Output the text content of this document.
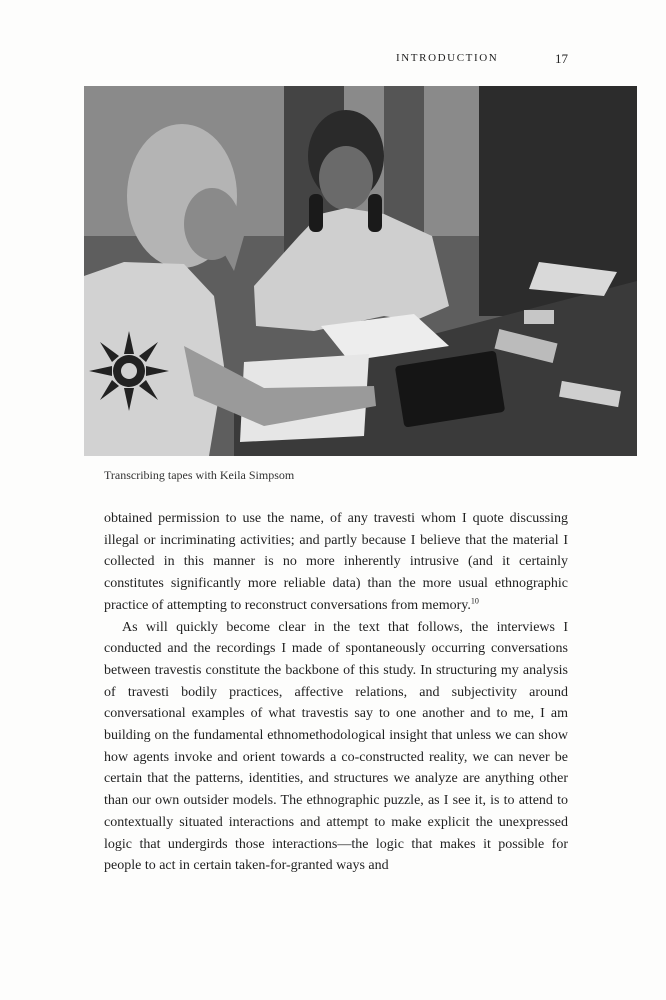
INTRODUCTION	17
Transcribing tapes with Keila Simpsom

obtained permission to use the name, of any travesti whom I quote discussing illegal or incriminating activities; and partly because I believe that the material I collected in this manner is no more inherently intrusive (and it certainly constitutes significantly more reliable data) than the more usual ethnographic practice of attempting to reconstruct conversations from memory.$^{10}$

As will quickly become clear in the text that follows, the interviews I conducted and the recordings I made of spontaneously occurring conversations between travestis constitute the backbone of this study. In structuring my analysis of travesti bodily practices, affective relations, and subjectivity around conversational examples of what travestis say to one another and to me, I am building on the fundamental ethnomethodological insight that unless we can show how agents invoke and orient towards a co-constructed reality, we can never be certain that the patterns, identities, and structures we analyze are anything other than our own outsider models. The ethnographic puzzle, as I see it, is to attend to contextually situated interactions and attempt to make explicit the unexpressed logic that undergirds those interactions—the logic that makes it possible for people to act in certain taken-for-granted ways and
